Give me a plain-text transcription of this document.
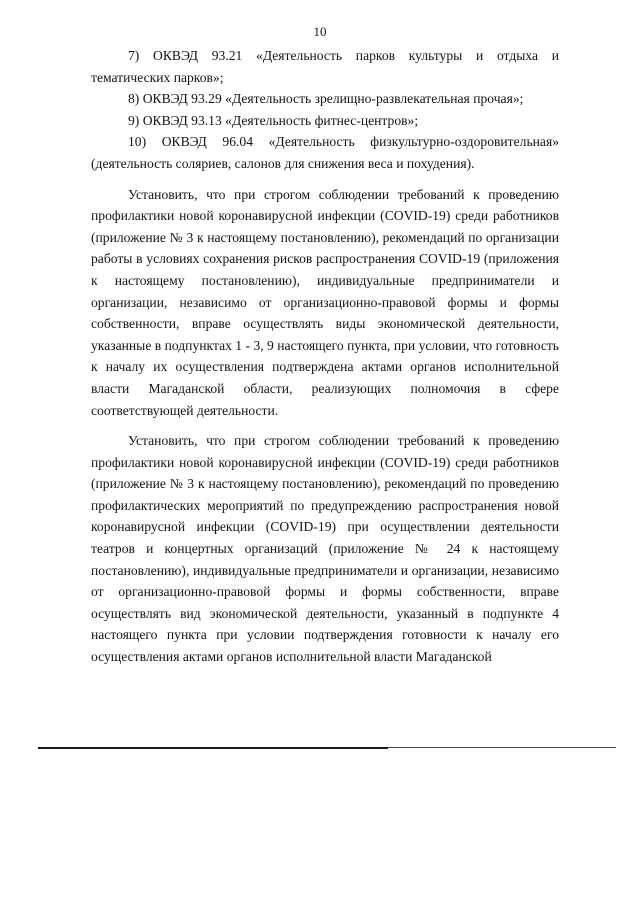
10

7) ОКВЭД 93.21 «Деятельность парков культуры и отдыха и тематических парков»;

8) ОКВЭД 93.29 «Деятельность зрелищно-развлекательная прочая»;

9) ОКВЭД 93.13 «Деятельность фитнес-центров»;

10) ОКВЭД 96.04 «Деятельность физкультурно-оздоровительная» (деятельность соляриев, салонов для снижения веса и похудения).

Установить, что при строгом соблюдении требований к проведению профилактики новой коронавирусной инфекции (COVID-19) среди работников (приложение № 3 к настоящему постановлению), рекомендаций по организации работы в условиях сохранения рисков распространения COVID-19 (приложения к настоящему постановлению), индивидуальные предприниматели и организации, независимо от организационно-правовой формы и формы собственности, вправе осуществлять виды экономической деятельности, указанные в подпунктах 1 - 3, 9 настоящего пункта, при условии, что готовность к началу их осуществления подтверждена актами органов исполнительной власти Магаданской области, реализующих полномочия в сфере соответствующей деятельности.

Установить, что при строгом соблюдении требований к проведению профилактики новой коронавирусной инфекции (COVID-19) среди работников (приложение № 3 к настоящему постановлению), рекомендаций по проведению профилактических мероприятий по предупреждению распространения новой коронавирусной инфекции (COVID-19) при осуществлении деятельности театров и концертных организаций (приложение № 24 к настоящему постановлению), индивидуальные предприниматели и организации, независимо от организационно-правовой формы и формы собственности, вправе осуществлять вид экономической деятельности, указанный в подпункте 4 настоящего пункта при условии подтверждения готовности к началу его осуществления актами органов исполнительной власти Магаданской
